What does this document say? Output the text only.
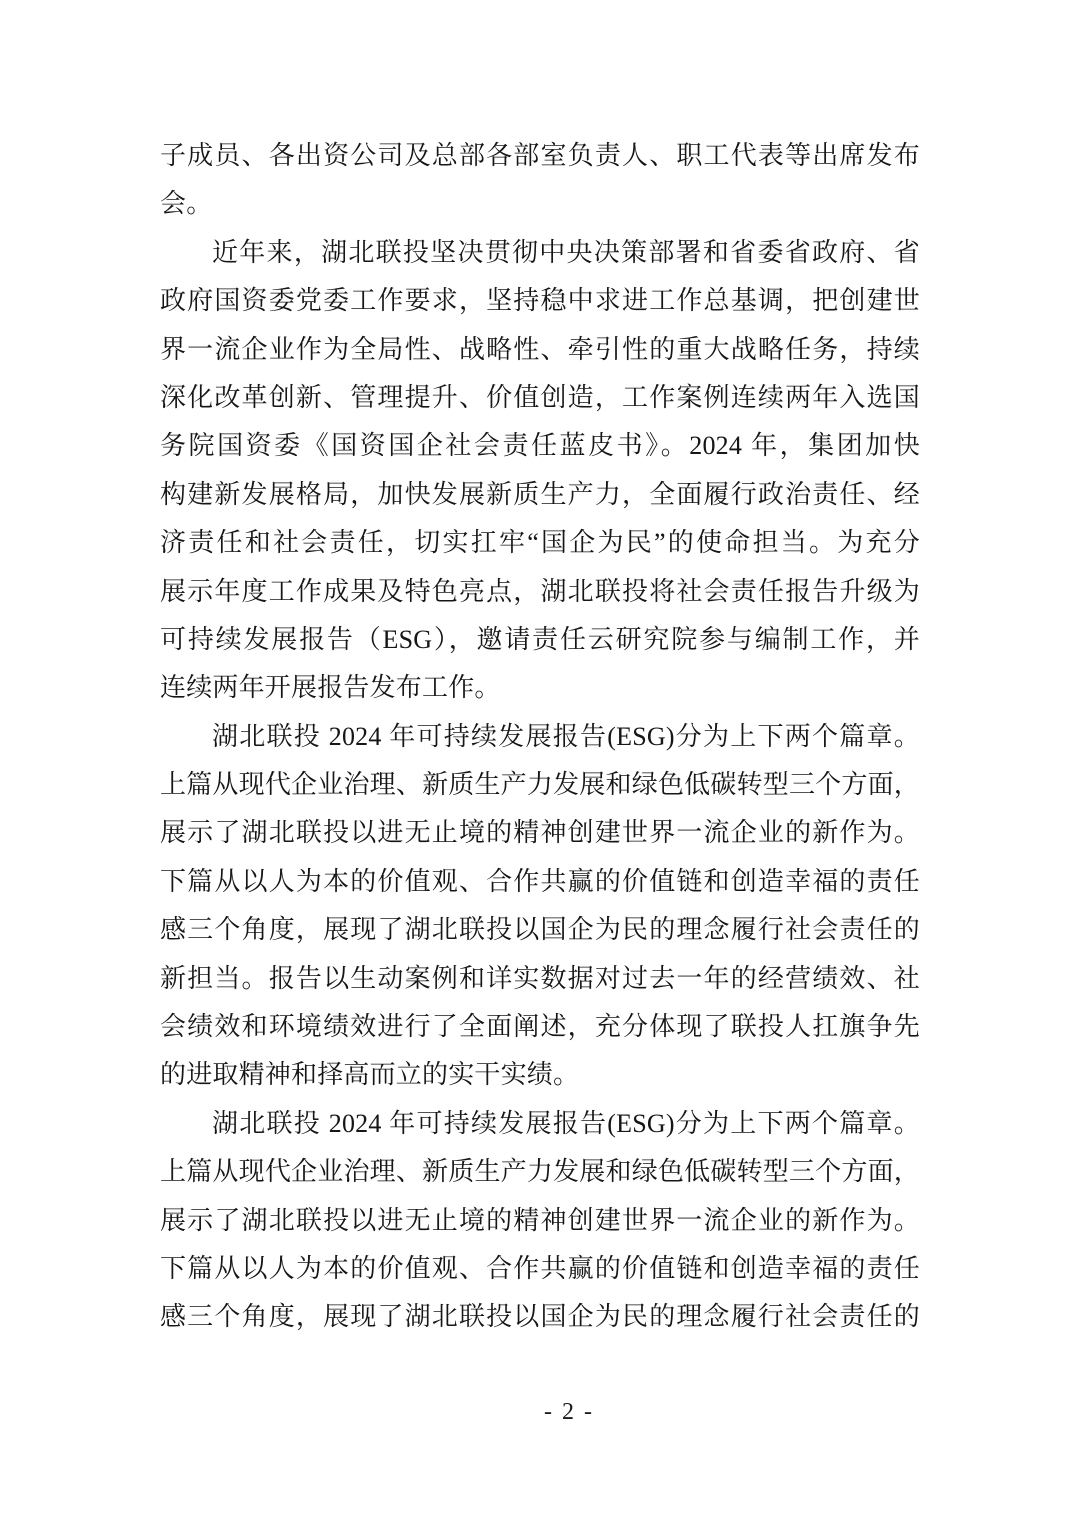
子成员、各出资公司及总部各部室负责人、职工代表等出席发布
会。
近年来，湖北联投坚决贯彻中央决策部署和省委省政府、省
政府国资委党委工作要求，坚持稳中求进工作总基调，把创建世
界一流企业作为全局性、战略性、牵引性的重大战略任务，持续
深化改革创新、管理提升、价值创造，工作案例连续两年入选国
务院国资委《国资国企社会责任蓝皮书》。2024 年，集团加快
构建新发展格局，加快发展新质生产力，全面履行政治责任、经
济责任和社会责任，切实扛牢“国企为民”的使命担当。为充分
展示年度工作成果及特色亮点，湖北联投将社会责任报告升级为
可持续发展报告（ESG），邀请责任云研究院参与编制工作，并
连续两年开展报告发布工作。
湖北联投 2024 年可持续发展报告(ESG)分为上下两个篇章。
上篇从现代企业治理、新质生产力发展和绿色低碳转型三个方面，
展示了湖北联投以进无止境的精神创建世界一流企业的新作为。
下篇从以人为本的价值观、合作共赢的价值链和创造幸福的责任
感三个角度，展现了湖北联投以国企为民的理念履行社会责任的
新担当。报告以生动案例和详实数据对过去一年的经营绩效、社
会绩效和环境绩效进行了全面阐述，充分体现了联投人扛旗争先
的进取精神和择高而立的实干实绩。
湖北联投 2024 年可持续发展报告(ESG)分为上下两个篇章。
上篇从现代企业治理、新质生产力发展和绿色低碳转型三个方面，
展示了湖北联投以进无止境的精神创建世界一流企业的新作为。
下篇从以人为本的价值观、合作共赢的价值链和创造幸福的责任
感三个角度，展现了湖北联投以国企为民的理念履行社会责任的
- 2 -
